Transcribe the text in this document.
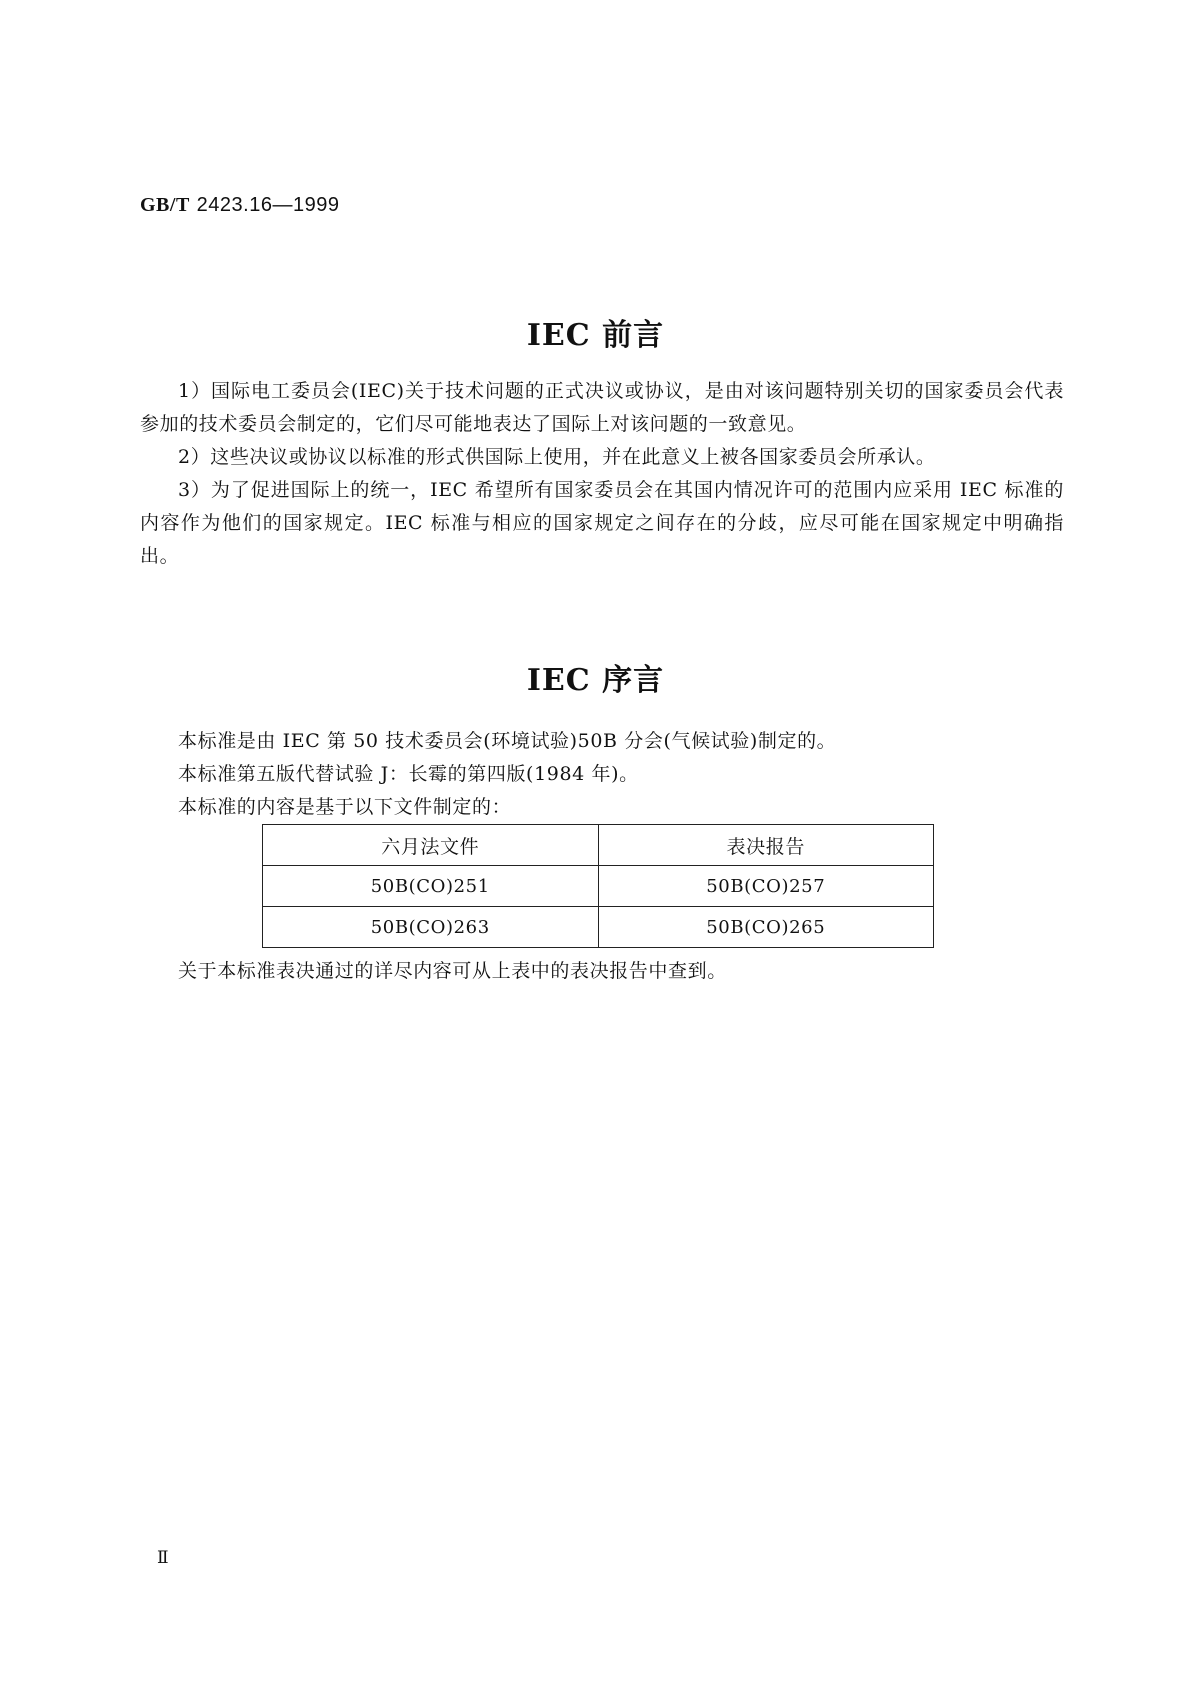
GB/T 2423.16—1999
IEC 前言
1）国际电工委员会(IEC)关于技术问题的正式决议或协议，是由对该问题特别关切的国家委员会代表参加的技术委员会制定的，它们尽可能地表达了国际上对该问题的一致意见。
2）这些决议或协议以标准的形式供国际上使用，并在此意义上被各国家委员会所承认。
3）为了促进国际上的统一，IEC 希望所有国家委员会在其国内情况许可的范围内应采用 IEC 标准的内容作为他们的国家规定。IEC 标准与相应的国家规定之间存在的分歧，应尽可能在国家规定中明确指出。
IEC 序言
本标准是由 IEC 第 50 技术委员会(环境试验)50B 分会(气候试验)制定的。
本标准第五版代替试验 J：长霉的第四版(1984 年)。
本标准的内容是基于以下文件制定的：
六月法文件	表决报告
50B(CO)251	50B(CO)257
50B(CO)263	50B(CO)265
关于本标准表决通过的详尽内容可从上表中的表决报告中查到。
Ⅱ
